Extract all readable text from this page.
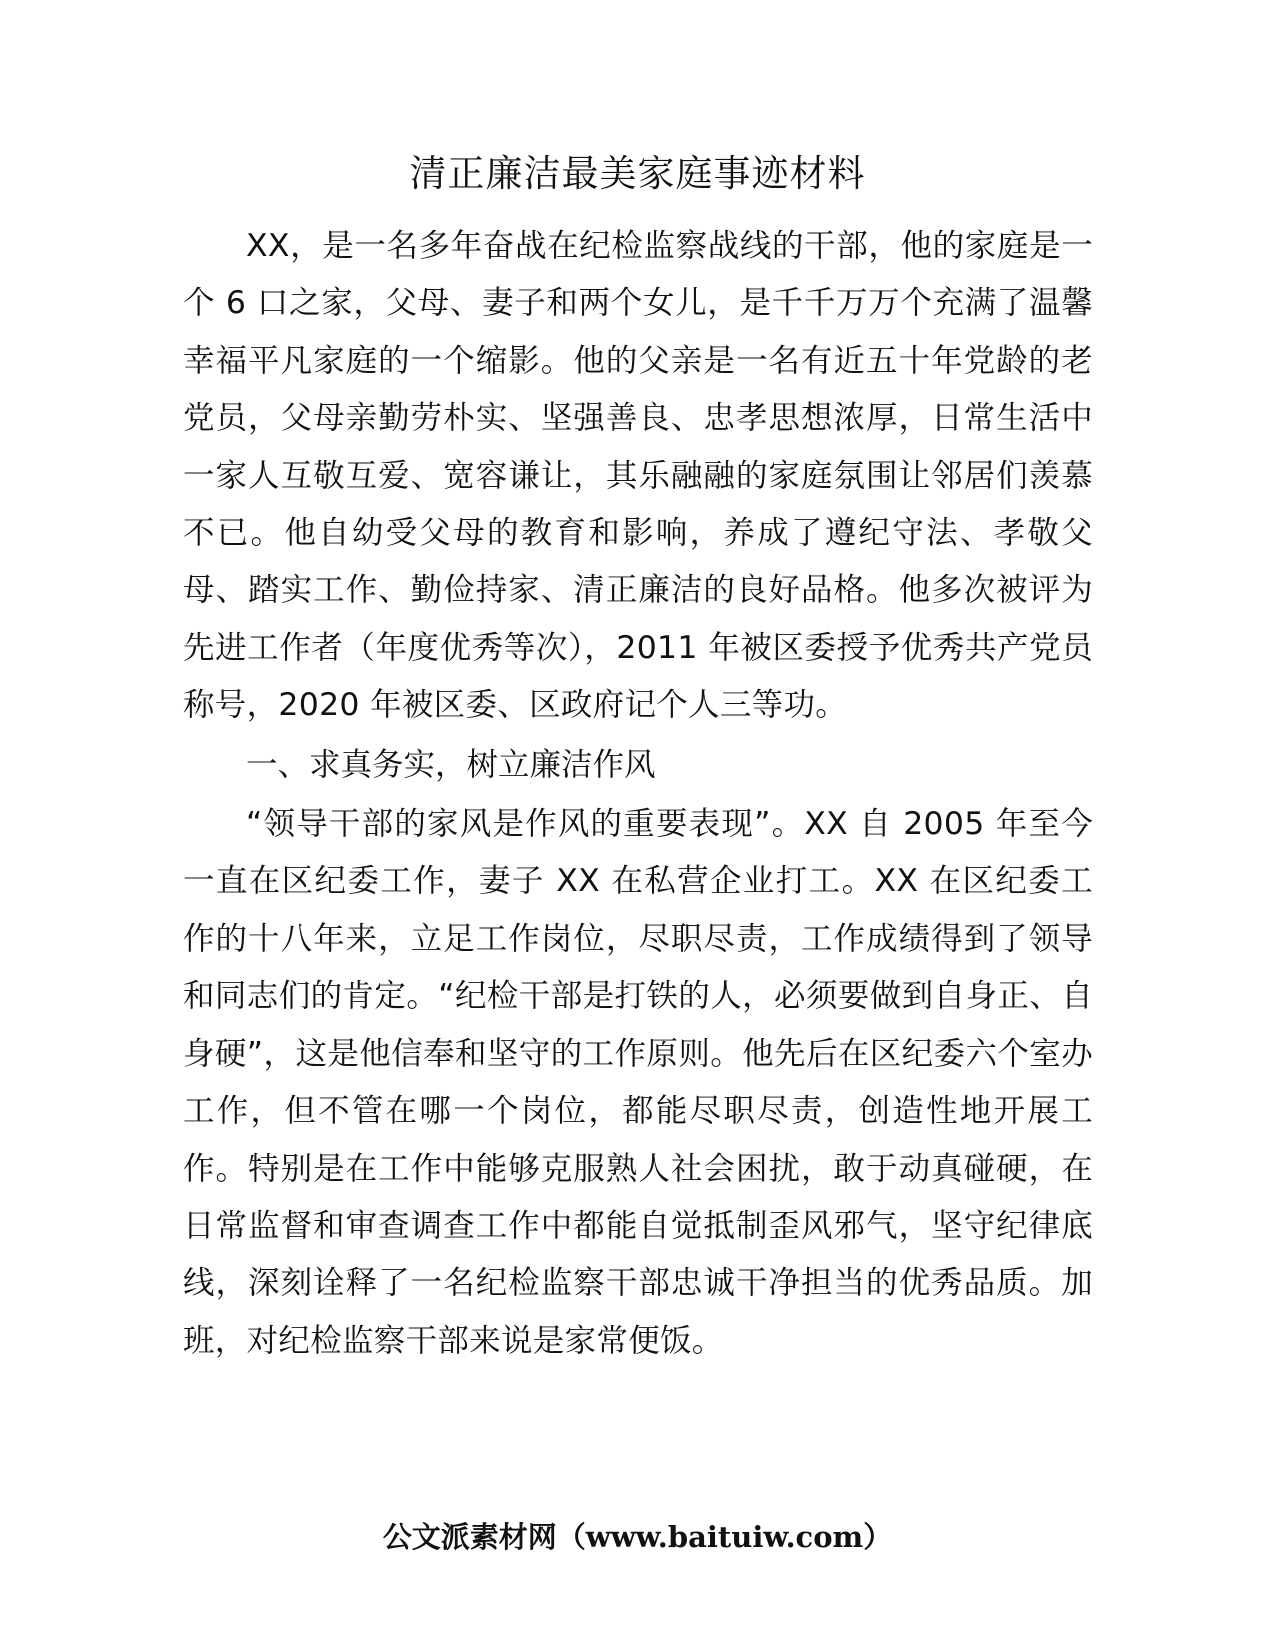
清正廉洁最美家庭事迹材料

XX，是一名多年奋战在纪检监察战线的干部，他的家庭是一个 6 口之家，父母、妻子和两个女儿，是千千万万个充满了温馨幸福平凡家庭的一个缩影。他的父亲是一名有近五十年党龄的老党员，父母亲勤劳朴实、坚强善良、忠孝思想浓厚，日常生活中一家人互敬互爱、宽容谦让，其乐融融的家庭氛围让邻居们羡慕不已。他自幼受父母的教育和影响，养成了遵纪守法、孝敬父母、踏实工作、勤俭持家、清正廉洁的良好品格。他多次被评为先进工作者（年度优秀等次），2011 年被区委授予优秀共产党员称号，2020 年被区委、区政府记个人三等功。

一、求真务实，树立廉洁作风

“领导干部的家风是作风的重要表现”。XX 自 2005 年至今一直在区纪委工作，妻子 XX 在私营企业打工。XX 在区纪委工作的十八年来，立足工作岗位，尽职尽责，工作成绩得到了领导和同志们的肯定。“纪检干部是打铁的人，必须要做到自身正、自身硬”，这是他信奉和坚守的工作原则。他先后在区纪委六个室办工作，但不管在哪一个岗位，都能尽职尽责，创造性地开展工作。特别是在工作中能够克服熟人社会困扰，敢于动真碰硬，在日常监督和审查调查工作中都能自觉抵制歪风邪气，坚守纪律底线，深刻诠释了一名纪检监察干部忠诚干净担当的优秀品质。加班，对纪检监察干部来说是家常便饭。

公文派素材网（www.baituiw.com）
